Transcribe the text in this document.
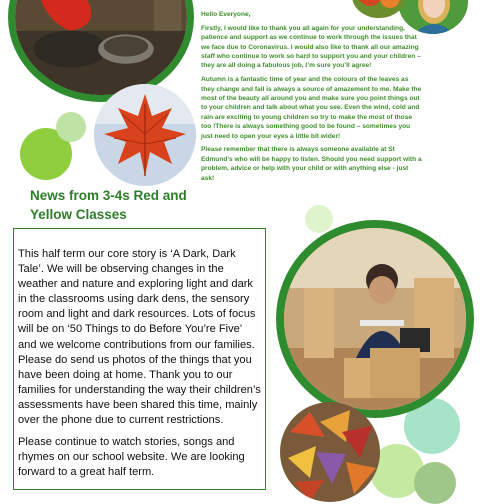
News from 3-4s Red and Yellow Classes

Hello Everyone,

Firstly, I would like to thank you all again for your understanding, patience and support as we continue to work through the issues that we face due to Coronavirus. I would also like to thank all our amazing staff who continue to work so hard to support you and your children – they are all doing a fabulous job, I’m sure you’ll agree!

Autumn is a fantastic time of year and the colours of the leaves as they change and fall is always a source of amazement to me. Make the most of the beauty all around you and make sure you point things out to your children and talk about what you see. Even the wind, cold and rain are exciting to young children so try to make the most of those too !There is always something good to be found – sometimes you just need to open your eyes a little bit wider!

Please remember that there is always someone available at St Edmund’s who will be happy to listen. Should you need support with a problem, advice or help with your child or with anything else - just ask!

This half term our core story is ‘A Dark, Dark Tale’. We will be observing changes in the weather and nature and exploring light and dark in the classrooms using dark dens, the sensory room and light and dark resources. Lots of focus will be on ‘50 Things to do Before You’re Five’ and we welcome contributions from our families. Please do send us photos of the things that you have been doing at home. Thank you to our families for understanding the way their children’s assessments have been shared this time, mainly over the phone due to current restrictions.

Please continue to watch stories, songs and rhymes on our school website. We are looking forward to a great half term.
